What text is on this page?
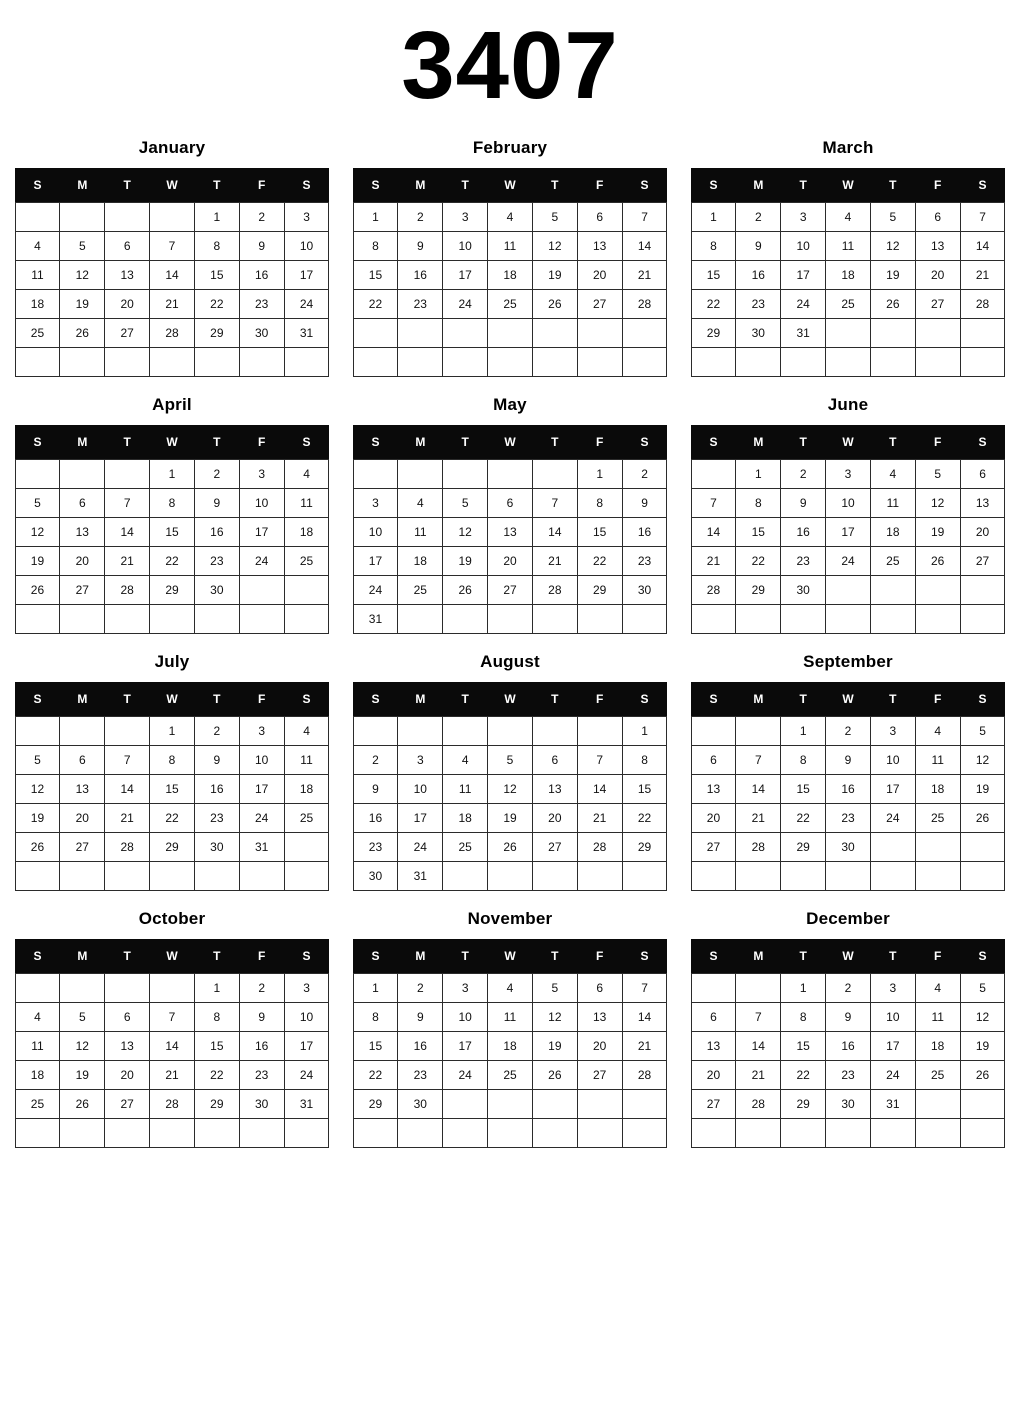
3407
January
S	M	T	W	T	F	S
				1	2	3
4	5	6	7	8	9	10
11	12	13	14	15	16	17
18	19	20	21	22	23	24
25	26	27	28	29	30	31

February
S	M	T	W	T	F	S
1	2	3	4	5	6	7
8	9	10	11	12	13	14
15	16	17	18	19	20	21
22	23	24	25	26	27	28

March
S	M	T	W	T	F	S
1	2	3	4	5	6	7
8	9	10	11	12	13	14
15	16	17	18	19	20	21
22	23	24	25	26	27	28
29	30	31				

April
S	M	T	W	T	F	S
			1	2	3	4
5	6	7	8	9	10	11
12	13	14	15	16	17	18
19	20	21	22	23	24	25
26	27	28	29	30		

May
S	M	T	W	T	F	S
					1	2
3	4	5	6	7	8	9
10	11	12	13	14	15	16
17	18	19	20	21	22	23
24	25	26	27	28	29	30
31						
June
S	M	T	W	T	F	S
	1	2	3	4	5	6
7	8	9	10	11	12	13
14	15	16	17	18	19	20
21	22	23	24	25	26	27
28	29	30				

July
S	M	T	W	T	F	S
			1	2	3	4
5	6	7	8	9	10	11
12	13	14	15	16	17	18
19	20	21	22	23	24	25
26	27	28	29	30	31	

August
S	M	T	W	T	F	S
						1
2	3	4	5	6	7	8
9	10	11	12	13	14	15
16	17	18	19	20	21	22
23	24	25	26	27	28	29
30	31					
September
S	M	T	W	T	F	S
		1	2	3	4	5
6	7	8	9	10	11	12
13	14	15	16	17	18	19
20	21	22	23	24	25	26
27	28	29	30			

October
S	M	T	W	T	F	S
				1	2	3
4	5	6	7	8	9	10
11	12	13	14	15	16	17
18	19	20	21	22	23	24
25	26	27	28	29	30	31

November
S	M	T	W	T	F	S
1	2	3	4	5	6	7
8	9	10	11	12	13	14
15	16	17	18	19	20	21
22	23	24	25	26	27	28
29	30					

December
S	M	T	W	T	F	S
		1	2	3	4	5
6	7	8	9	10	11	12
13	14	15	16	17	18	19
20	21	22	23	24	25	26
27	28	29	30	31		
